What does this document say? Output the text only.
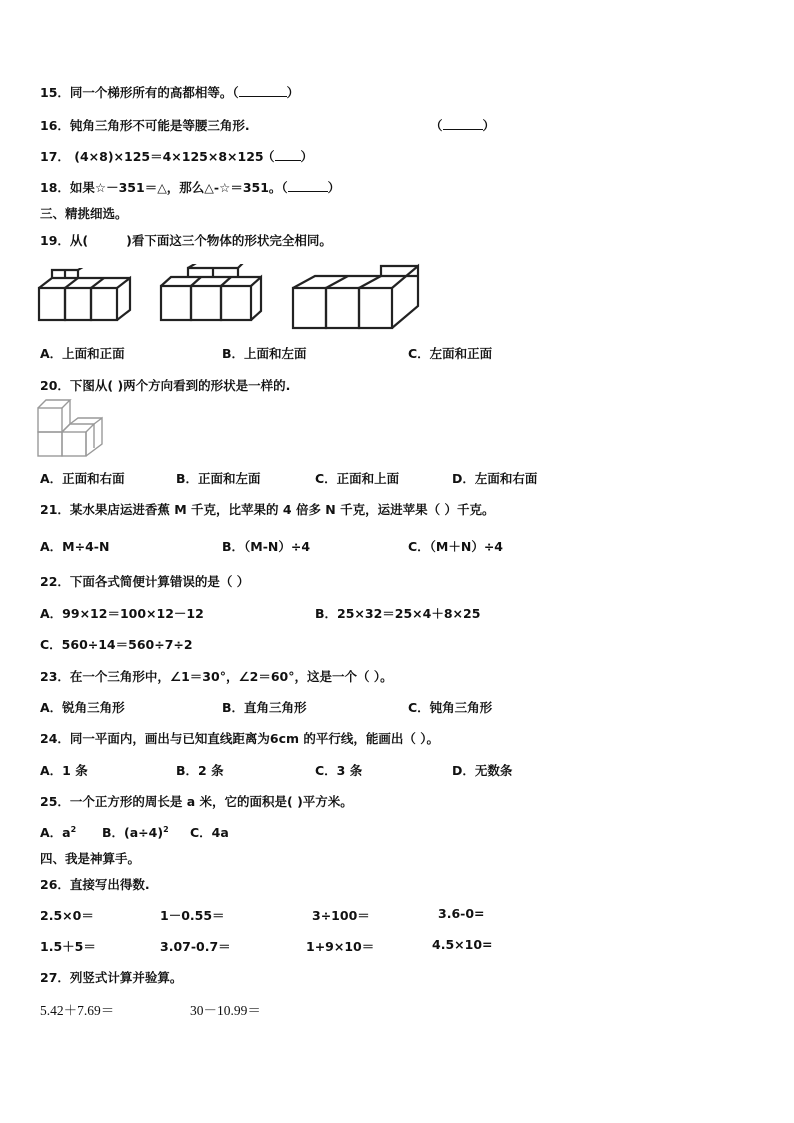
15．同一个梯形所有的高都相等。（	）
16．钝角三角形不可能是等腰三角形.	（	）
17． (4×8)×125＝4×125×8×125
（ ）
18．如果☆－351＝△，那么△-☆＝351。（	）
三、精挑细选。
19．从(	)看下面这三个物体的形状完全相同。
A．上面和正面	B．上面和左面	C．左面和正面
20．下图从( )两个方向看到的形状是一样的.
A．正面和右面	B．正面和左面	C．正面和上面	D．左面和右面
21．某水果店运进香蕉 M 千克，比苹果的 4 倍多 N 千克，运进苹果（ ）千克。
A．M÷4-N	B．（M-N）÷4	C．（M＋N）÷4
22．下面各式简便计算错误的是（ ）
A．99×12＝100×12－12	B．25×32＝25×4＋8×25
C．560÷14＝560÷7÷2
23．在一个三角形中，∠1＝30°，∠2＝60°，这是一个（ ）。
A．锐角三角形	B．直角三角形	C．钝角三角形
24．同一平面内，画出与已知直线距离为6cm 的平行线，能画出（ ）。
A．1 条	B．2 条	C．3 条	D．无数条
25．一个正方形的周长是 a 米，它的面积是( )平方米。
A．$a^2$ B．$(a\div 4)^2$ C．4a
四、我是神算手。
26．直接写出得数.
2.5×0＝	1－0.55＝	3÷100＝	3.6-0=
1.5＋5＝	3.07-0.7＝	1+9×10＝	4.5×10=
27．列竖式计算并验算。
5.42＋7.69＝	30－10.99＝
